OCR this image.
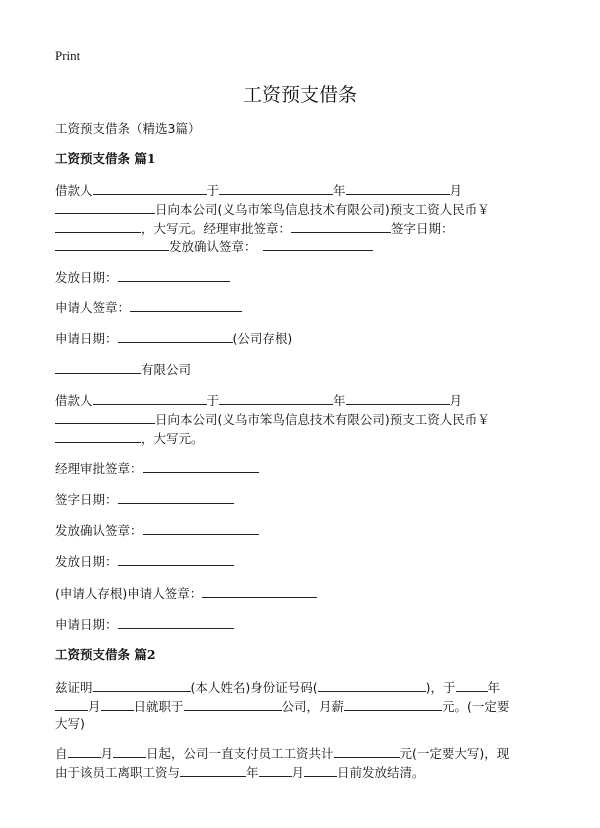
Print
工资预支借条
工资预支借条（精选3篇）
工资预支借条 篇1
借款人	于	年	月
日向本公司(义乌市笨鸟信息技术有限公司)预支工资人民币￥
，大写元。经理审批签章：	签字日期：
发放确认签章：
发放日期：
申请人签章：
申请日期：	(公司存根)
有限公司
借款人	于	年	月
日向本公司(义乌市笨鸟信息技术有限公司)预支工资人民币￥
，大写元。
经理审批签章：
签字日期：
发放确认签章：
发放日期：
(申请人存根)申请人签章：
申请日期：
工资预支借条 篇2
兹证明	(本人姓名)身份证号码(	)，于	年
月	日就职于	公司，月薪	元。(一定要
大写)
自	月	日起，公司一直支付员工工资共计	元(一定要大写)，现
由于该员工离职工资与	年	月	日前发放结清。
